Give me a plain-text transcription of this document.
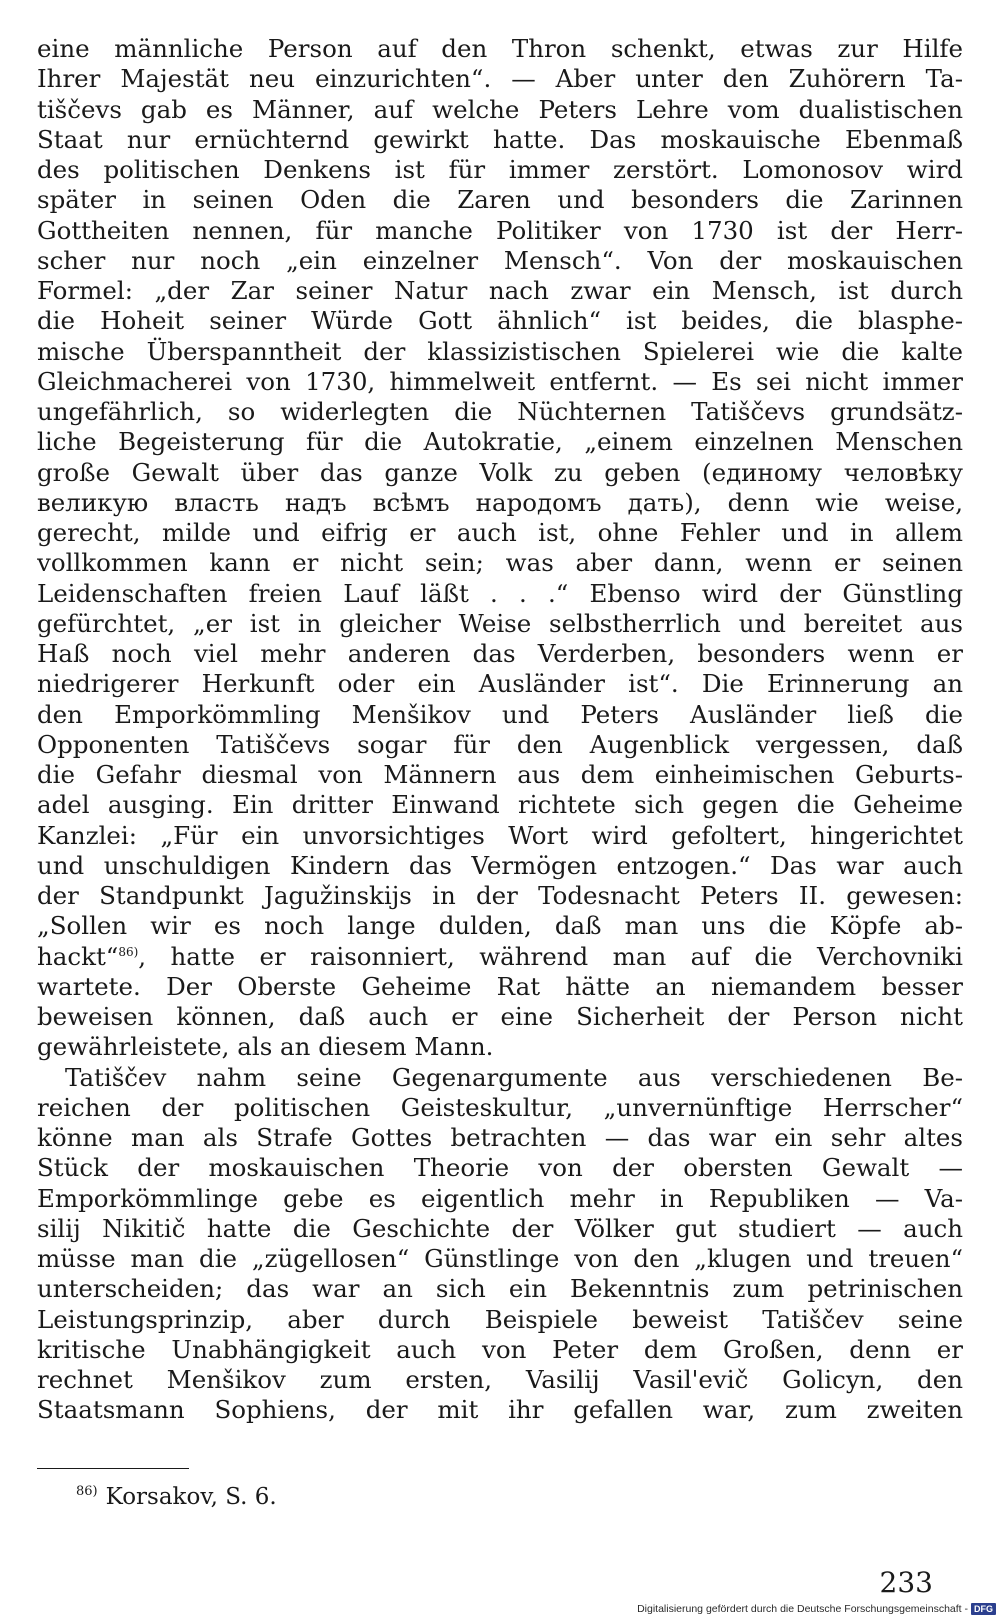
eine männliche Person auf den Thron schenkt, etwas zur Hilfe
Ihrer Majestät neu einzurichten“. — Aber unter den Zuhörern Ta-
tiščevs gab es Männer, auf welche Peters Lehre vom dualistischen
Staat nur ernüchternd gewirkt hatte. Das moskauische Ebenmaß
des politischen Denkens ist für immer zerstört. Lomonosov wird
später in seinen Oden die Zaren und besonders die Zarinnen
Gottheiten nennen, für manche Politiker von 1730 ist der Herr-
scher nur noch „ein einzelner Mensch“. Von der moskauischen
Formel: „der Zar seiner Natur nach zwar ein Mensch, ist durch
die Hoheit seiner Würde Gott ähnlich“ ist beides, die blasphe-
mische Überspanntheit der klassizistischen Spielerei wie die kalte
Gleichmacherei von 1730, himmelweit entfernt. — Es sei nicht immer
ungefährlich, so widerlegten die Nüchternen Tatiščevs grundsätz-
liche Begeisterung für die Autokratie, „einem einzelnen Menschen
große Gewalt über das ganze Volk zu geben (единому человѣку
великую власть надъ всѣмъ народомъ дать), denn wie weise,
gerecht, milde und eifrig er auch ist, ohne Fehler und in allem
vollkommen kann er nicht sein; was aber dann, wenn er seinen
Leidenschaften freien Lauf läßt . . .“ Ebenso wird der Günstling
gefürchtet, „er ist in gleicher Weise selbstherrlich und bereitet aus
Haß noch viel mehr anderen das Verderben, besonders wenn er
niedrigerer Herkunft oder ein Ausländer ist“. Die Erinnerung an
den Emporkömmling Menšikov und Peters Ausländer ließ die
Opponenten Tatiščevs sogar für den Augenblick vergessen, daß
die Gefahr diesmal von Männern aus dem einheimischen Geburts-
adel ausging. Ein dritter Einwand richtete sich gegen die Geheime
Kanzlei: „Für ein unvorsichtiges Wort wird gefoltert, hingerichtet
und unschuldigen Kindern das Vermögen entzogen.“ Das war auch
der Standpunkt Jagužinskijs in der Todesnacht Peters II. gewesen:
„Sollen wir es noch lange dulden, daß man uns die Köpfe ab-
hackt“$^{86)}$, hatte er raisonniert, während man auf die Verchovniki
wartete. Der Oberste Geheime Rat hätte an niemandem besser
beweisen können, daß auch er eine Sicherheit der Person nicht
gewährleistete, als an diesem Mann.
Tatiščev nahm seine Gegenargumente aus verschiedenen Be-
reichen der politischen Geisteskultur, „unvernünftige Herrscher“
könne man als Strafe Gottes betrachten — das war ein sehr altes
Stück der moskauischen Theorie von der obersten Gewalt —
Emporkömmlinge gebe es eigentlich mehr in Republiken — Va-
silij Nikitič hatte die Geschichte der Völker gut studiert — auch
müsse man die „zügellosen“ Günstlinge von den „klugen und treuen“
unterscheiden; das war an sich ein Bekenntnis zum petrinischen
Leistungsprinzip, aber durch Beispiele beweist Tatiščev seine
kritische Unabhängigkeit auch von Peter dem Großen, denn er
rechnet Menšikov zum ersten, Vasilij Vasil'evič Golicyn, den
Staatsmann Sophiens, der mit ihr gefallen war, zum zweiten
$^{86)}$ Korsakov, S. 6.
233
Digitalisierung gefördert durch die Deutsche Forschungsgemeinschaft - DFG
